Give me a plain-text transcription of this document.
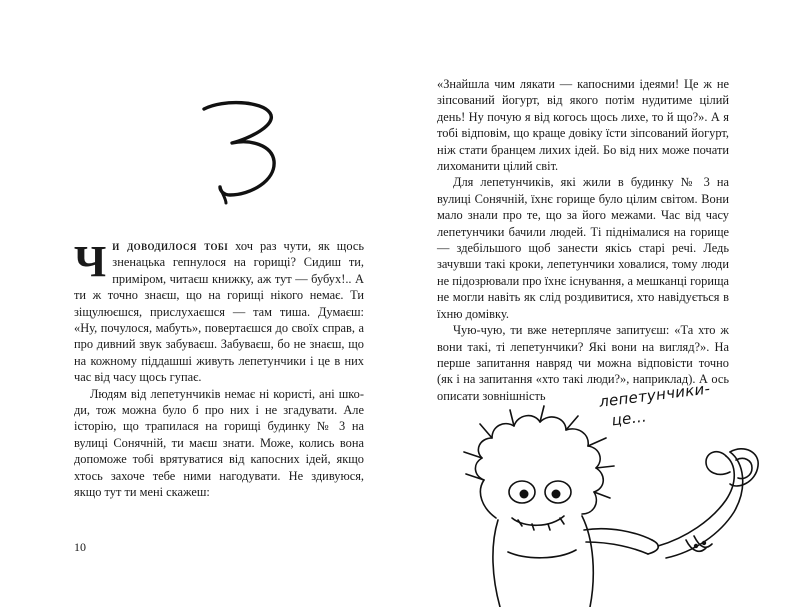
Чи доводилося тобі хоч раз чути, як щось зненацька гепнулося на горищі? Сидиш ти, приміром, читаєш книжку, аж тут — бубух!.. А ти ж точно знаєш, що на горищі нікого немає. Ти зіщулюєшся, прислухаєшся — там тиша. Думаєш: «Ну, почулося, мабуть», повертаєшся до своїх справ, а про дивний звук забуваєш. Забуваєш, бо не знаєш, що на кожному піддашші живуть лепетунчики і це в них час від часу щось гупає.

Людям від лепетунчиків немає ні користі, ані шкоди, тож можна було б про них і не згадувати. Але історію, що трапилася на горищі будинку № 3 на вулиці Сонячній, ти маєш знати. Може, колись вона допоможе тобі врятуватися від капосних ідей, якщо хтось захоче тебе ними нагодувати. Не здивуюся, якщо тут ти мені скажеш:

10

«Знайшла чим лякати — капосними ідеями! Це ж не зіпсований йогурт, від якого потім нудитиме цілий день! Ну почую я від когось щось лихе, то й що?». А я тобі відповім, що краще довіку їсти зіпсований йогурт, ніж стати бранцем лихих ідей. Бо від них може почати лихоманити цілий світ.

Для лепетунчиків, які жили в будинку № 3 на вулиці Сонячній, їхнє горище було цілим світом. Вони мало знали про те, що за його межами. Час від часу лепетунчики бачили людей. Ті піднімалися на горище — здебільшого щоб занести якісь старі речі. Ледь зачувши такі кроки, лепетунчики ховалися, тому люди не підозрювали про їхнє існування, а мешканці горища не могли навіть як слід роздивитися, хто навідується в їхню домівку.

Чую-чую, ти вже нетерпляче запитуєш: «Та хто ж вони такі, ті лепетунчики? Які вони на вигляд?». На перше запитання навряд чи можна відповісти точно (як і на запитання «хто такі люди?», наприклад). А ось описати зовнішність	лепетунчики-
це…
